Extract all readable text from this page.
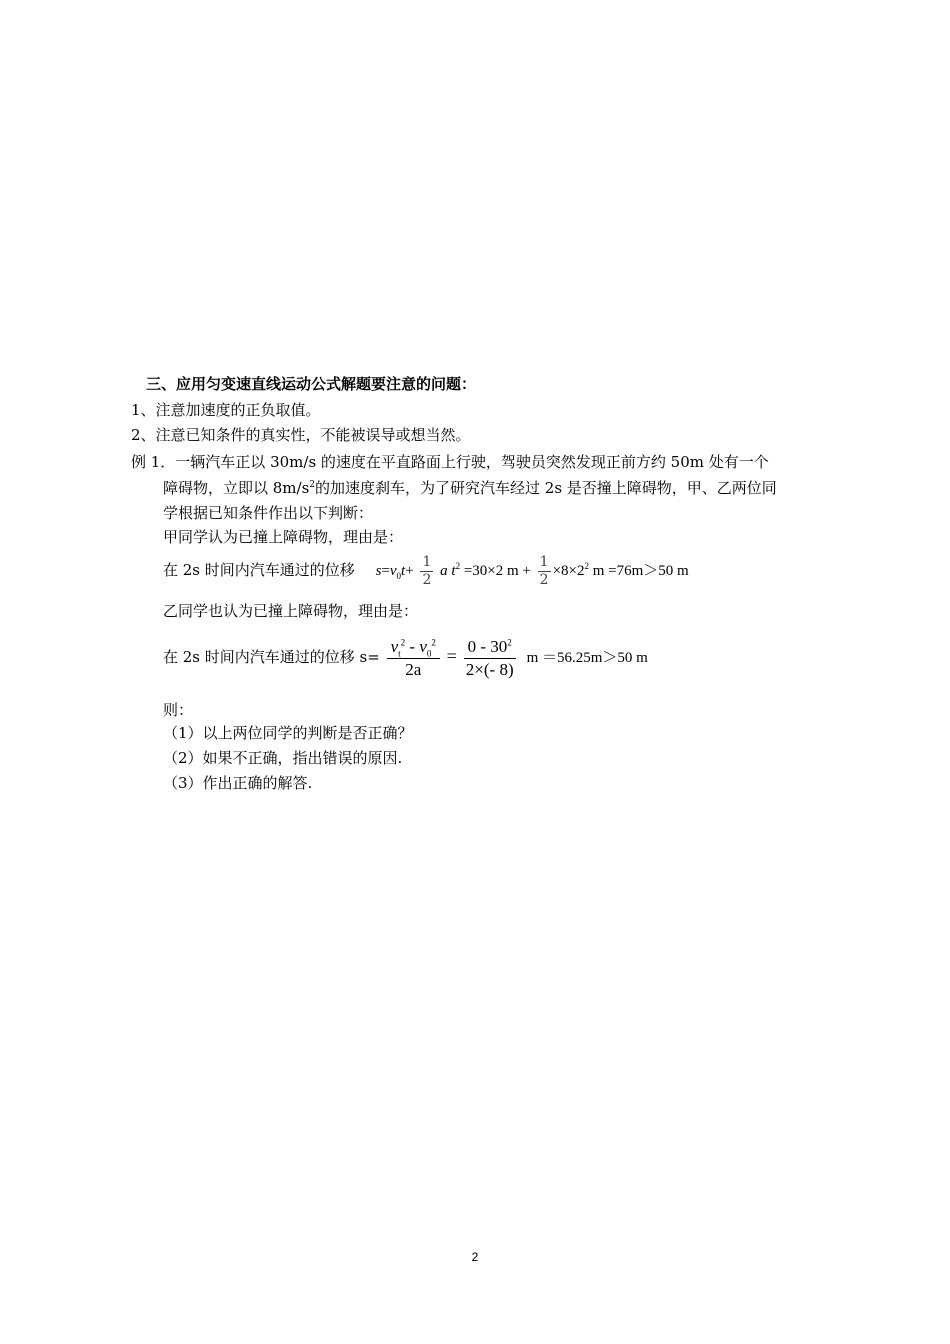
三、应用匀变速直线运动公式解题要注意的问题：
1、注意加速度的正负取值。
2、注意已知条件的真实性，不能被误导或想当然。
例 1．一辆汽车正以 30m/s 的速度在平直路面上行驶，驾驶员突然发现正前方约 50m 处有一个
障碍物，立即以 $8m/s^2$的加速度刹车，为了研究汽车经过 2s 是否撞上障碍物，甲、乙两位同
学根据已知条件作出以下判断：
甲同学认为已撞上障碍物，理由是：
在 2s 时间内汽车通过的位移 $s=v_0t+ \frac{1}{2}$ a $t^2 =30\times 2$ $m + \frac{1}{2} \times 8\times 2^2$ m =76m＞50 m
乙同学也认为已撞上障碍物，理由是：
在 2s 时间内汽车通过的位移 $s= \frac{v_t^2 - v_0^2}{2a} = \frac{0 - 30^2}{2\times(- 8)}$ m ＝56.25m＞50 m
则：
（1）以上两位同学的判断是否正确？
（2）如果不正确，指出错误的原因.
（3）作出正确的解答.
2
